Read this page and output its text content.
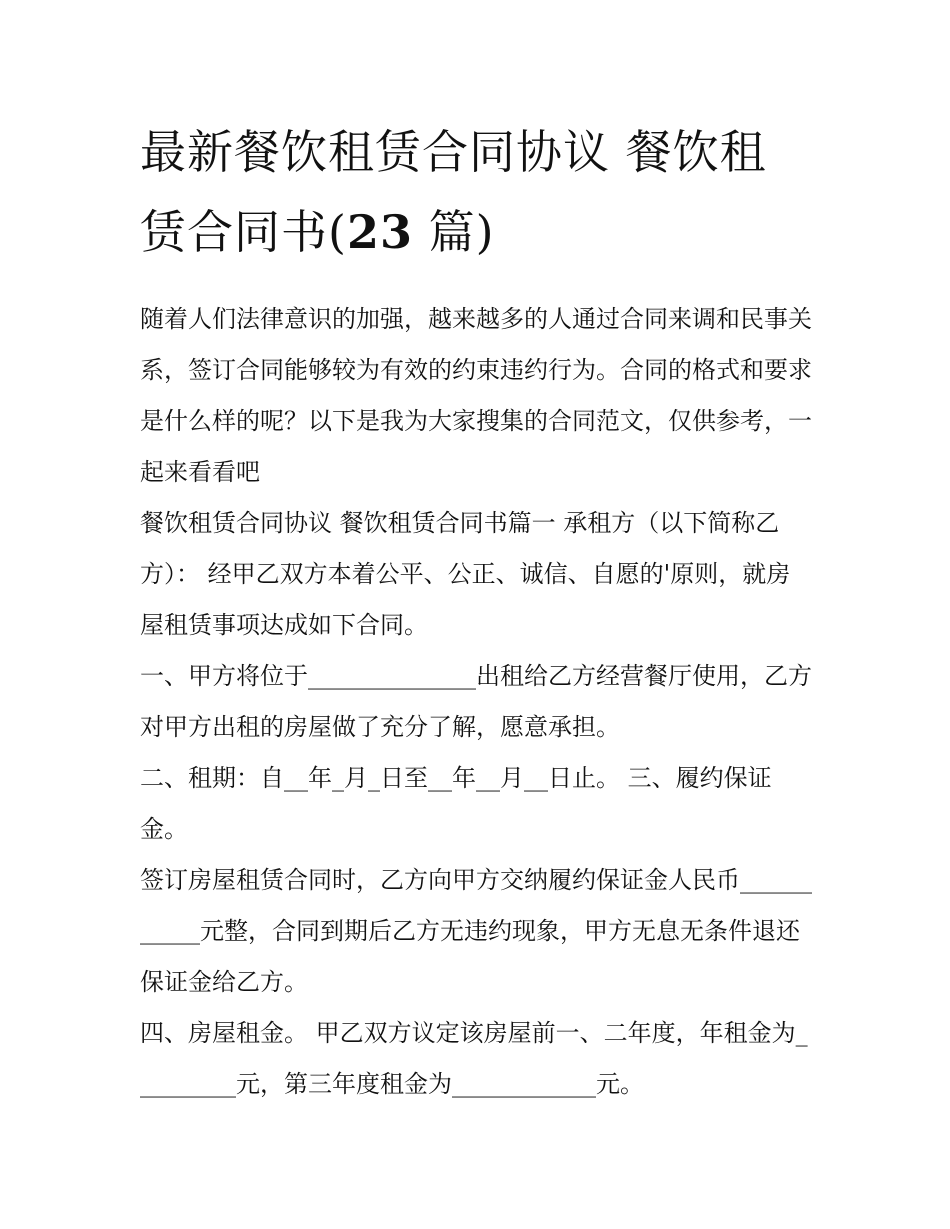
最新餐饮租赁合同协议 餐饮租赁合同书(23 篇)

随着人们法律意识的加强，越来越多的人通过合同来调和民事关系，签订合同能够较为有效的约束违约行为。合同的格式和要求是什么样的呢？以下是我为大家搜集的合同范文，仅供参考，一起来看看吧

餐饮租赁合同协议 餐饮租赁合同书篇一 承租方（以下简称乙方）： 经甲乙双方本着公平、公正、诚信、自愿的'原则，就房屋租赁事项达成如下合同。

一、甲方将位于______________出租给乙方经营餐厅使用，乙方对甲方出租的房屋做了充分了解，愿意承担。

二、租期：自__年_月_日至__年__月__日止。 三、履约保证金。

签订房屋租赁合同时，乙方向甲方交纳履约保证金人民币___________元整，合同到期后乙方无违约现象，甲方无息无条件退还保证金给乙方。

四、房屋租金。 甲乙双方议定该房屋前一、二年度，年租金为_________元，第三年度租金为____________元。
